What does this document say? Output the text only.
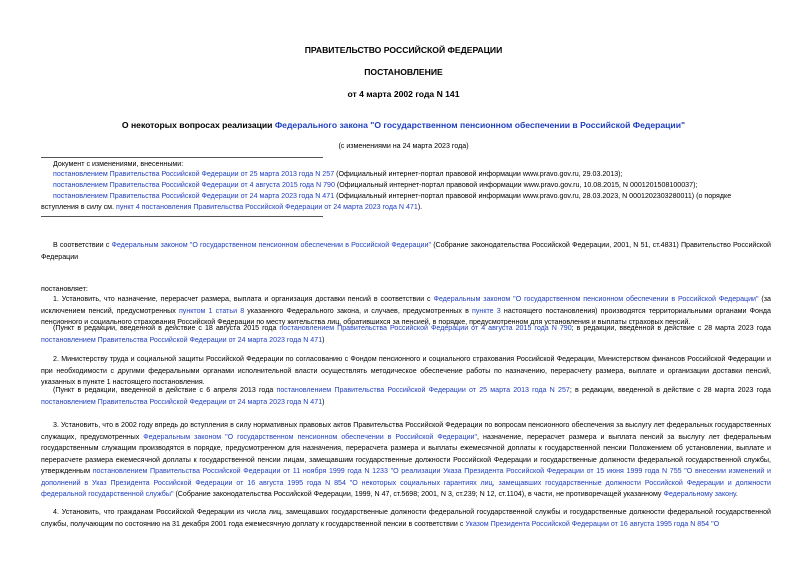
ПРАВИТЕЛЬСТВО РОССИЙСКОЙ ФЕДЕРАЦИИ
ПОСТАНОВЛЕНИЕ
от 4 марта 2002 года N 141
О некоторых вопросах реализации Федерального закона "О государственном пенсионном обеспечении в Российской Федерации"
(с изменениями на 24 марта 2023 года)
Документ с изменениями, внесенными:
постановлением Правительства Российской Федерации от 25 марта 2013 года N 257 (Официальный интернет-портал правовой информации www.pravo.gov.ru, 29.03.2013);
постановлением Правительства Российской Федерации от 4 августа 2015 года N 790 (Официальный интернет-портал правовой информации www.pravo.gov.ru, 10.08.2015, N 0001201508100037);
постановлением Правительства Российской Федерации от 24 марта 2023 года N 471 (Официальный интернет-портал правовой информации www.pravo.gov.ru, 28.03.2023, N 0001202303280011) (о порядке
вступления в силу см. пункт 4 постановления Правительства Российской Федерации от 24 марта 2023 года N 471).
В соответствии с Федеральным законом "О государственном пенсионном обеспечении в Российской Федерации" (Собрание законодательства Российской Федерации, 2001, N 51, ст.4831) Правительство Российской Федерации
постановляет:
1. Установить, что назначение, перерасчет размера, выплата и организация доставки пенсий в соответствии с Федеральным законом "О государственном пенсионном обеспечении в Российской Федерации" (за исключением пенсий, предусмотренных пунктом 1 статьи 8 указанного Федерального закона, и случаев, предусмотренных в пункте 3 настоящего постановления) производятся территориальными органами Фонда пенсионного и социального страхования Российской Федерации по месту жительства лиц, обратившихся за пенсией, в порядке, предусмотренном для установления и выплаты страховых пенсий.
(Пункт в редакции, введенной в действие с 18 августа 2015 года постановлением Правительства Российской Федерации от 4 августа 2015 года N 790; в редакции, введенной в действие с 28 марта 2023 года постановлением Правительства Российской Федерации от 24 марта 2023 года N 471)
2. Министерству труда и социальной защиты Российской Федерации по согласованию с Фондом пенсионного и социального страхования Российской Федерации, Министерством финансов Российской Федерации и при необходимости с другими федеральными органами исполнительной власти осуществлять методическое обеспечение работы по назначению, перерасчету размера, выплате и организации доставки пенсий, указанных в пункте 1 настоящего постановления.
(Пункт в редакции, введенной в действие с 6 апреля 2013 года постановлением Правительства Российской Федерации от 25 марта 2013 года N 257; в редакции, введенной в действие с 28 марта 2023 года постановлением Правительства Российской Федерации от 24 марта 2023 года N 471)
3. Установить, что в 2002 году впредь до вступления в силу нормативных правовых актов Правительства Российской Федерации по вопросам пенсионного обеспечения за выслугу лет федеральных государственных служащих, предусмотренных Федеральным законом "О государственном пенсионном обеспечении в Российской Федерации", назначение, перерасчет размера и выплата пенсий за выслугу лет федеральным государственным служащим производятся в порядке, предусмотренном для назначения, перерасчета размера и выплаты ежемесячной доплаты к государственной пенсии Положением об установлении, выплате и перерасчете размера ежемесячной доплаты к государственной пенсии лицам, замещавшим государственные должности Российской Федерации и государственные должности федеральной государственной службы, утвержденным постановлением Правительства Российской Федерации от 11 ноября 1999 года N 1233 "О реализации Указа Президента Российской Федерации от 15 июня 1999 года N 755 "О внесении изменений и дополнений в Указ Президента Российской Федерации от 16 августа 1995 года N 854 "О некоторых социальных гарантиях лиц, замещавших государственные должности Российской Федерации и должности федеральной государственной службы" (Собрание законодательства Российской Федерации, 1999, N 47, ст.5698; 2001, N 3, ст.239; N 12, ст.1104), в части, не противоречащей указанному Федеральному закону.
4. Установить, что гражданам Российской Федерации из числа лиц, замещавших государственные должности федеральной государственной службы и государственные должности федеральной государственной службы, получающим по состоянию на 31 декабря 2001 года ежемесячную доплату к государственной пенсии в соответствии с Указом Президента Российской Федерации от 16 августа 1995 года N 854 "О
